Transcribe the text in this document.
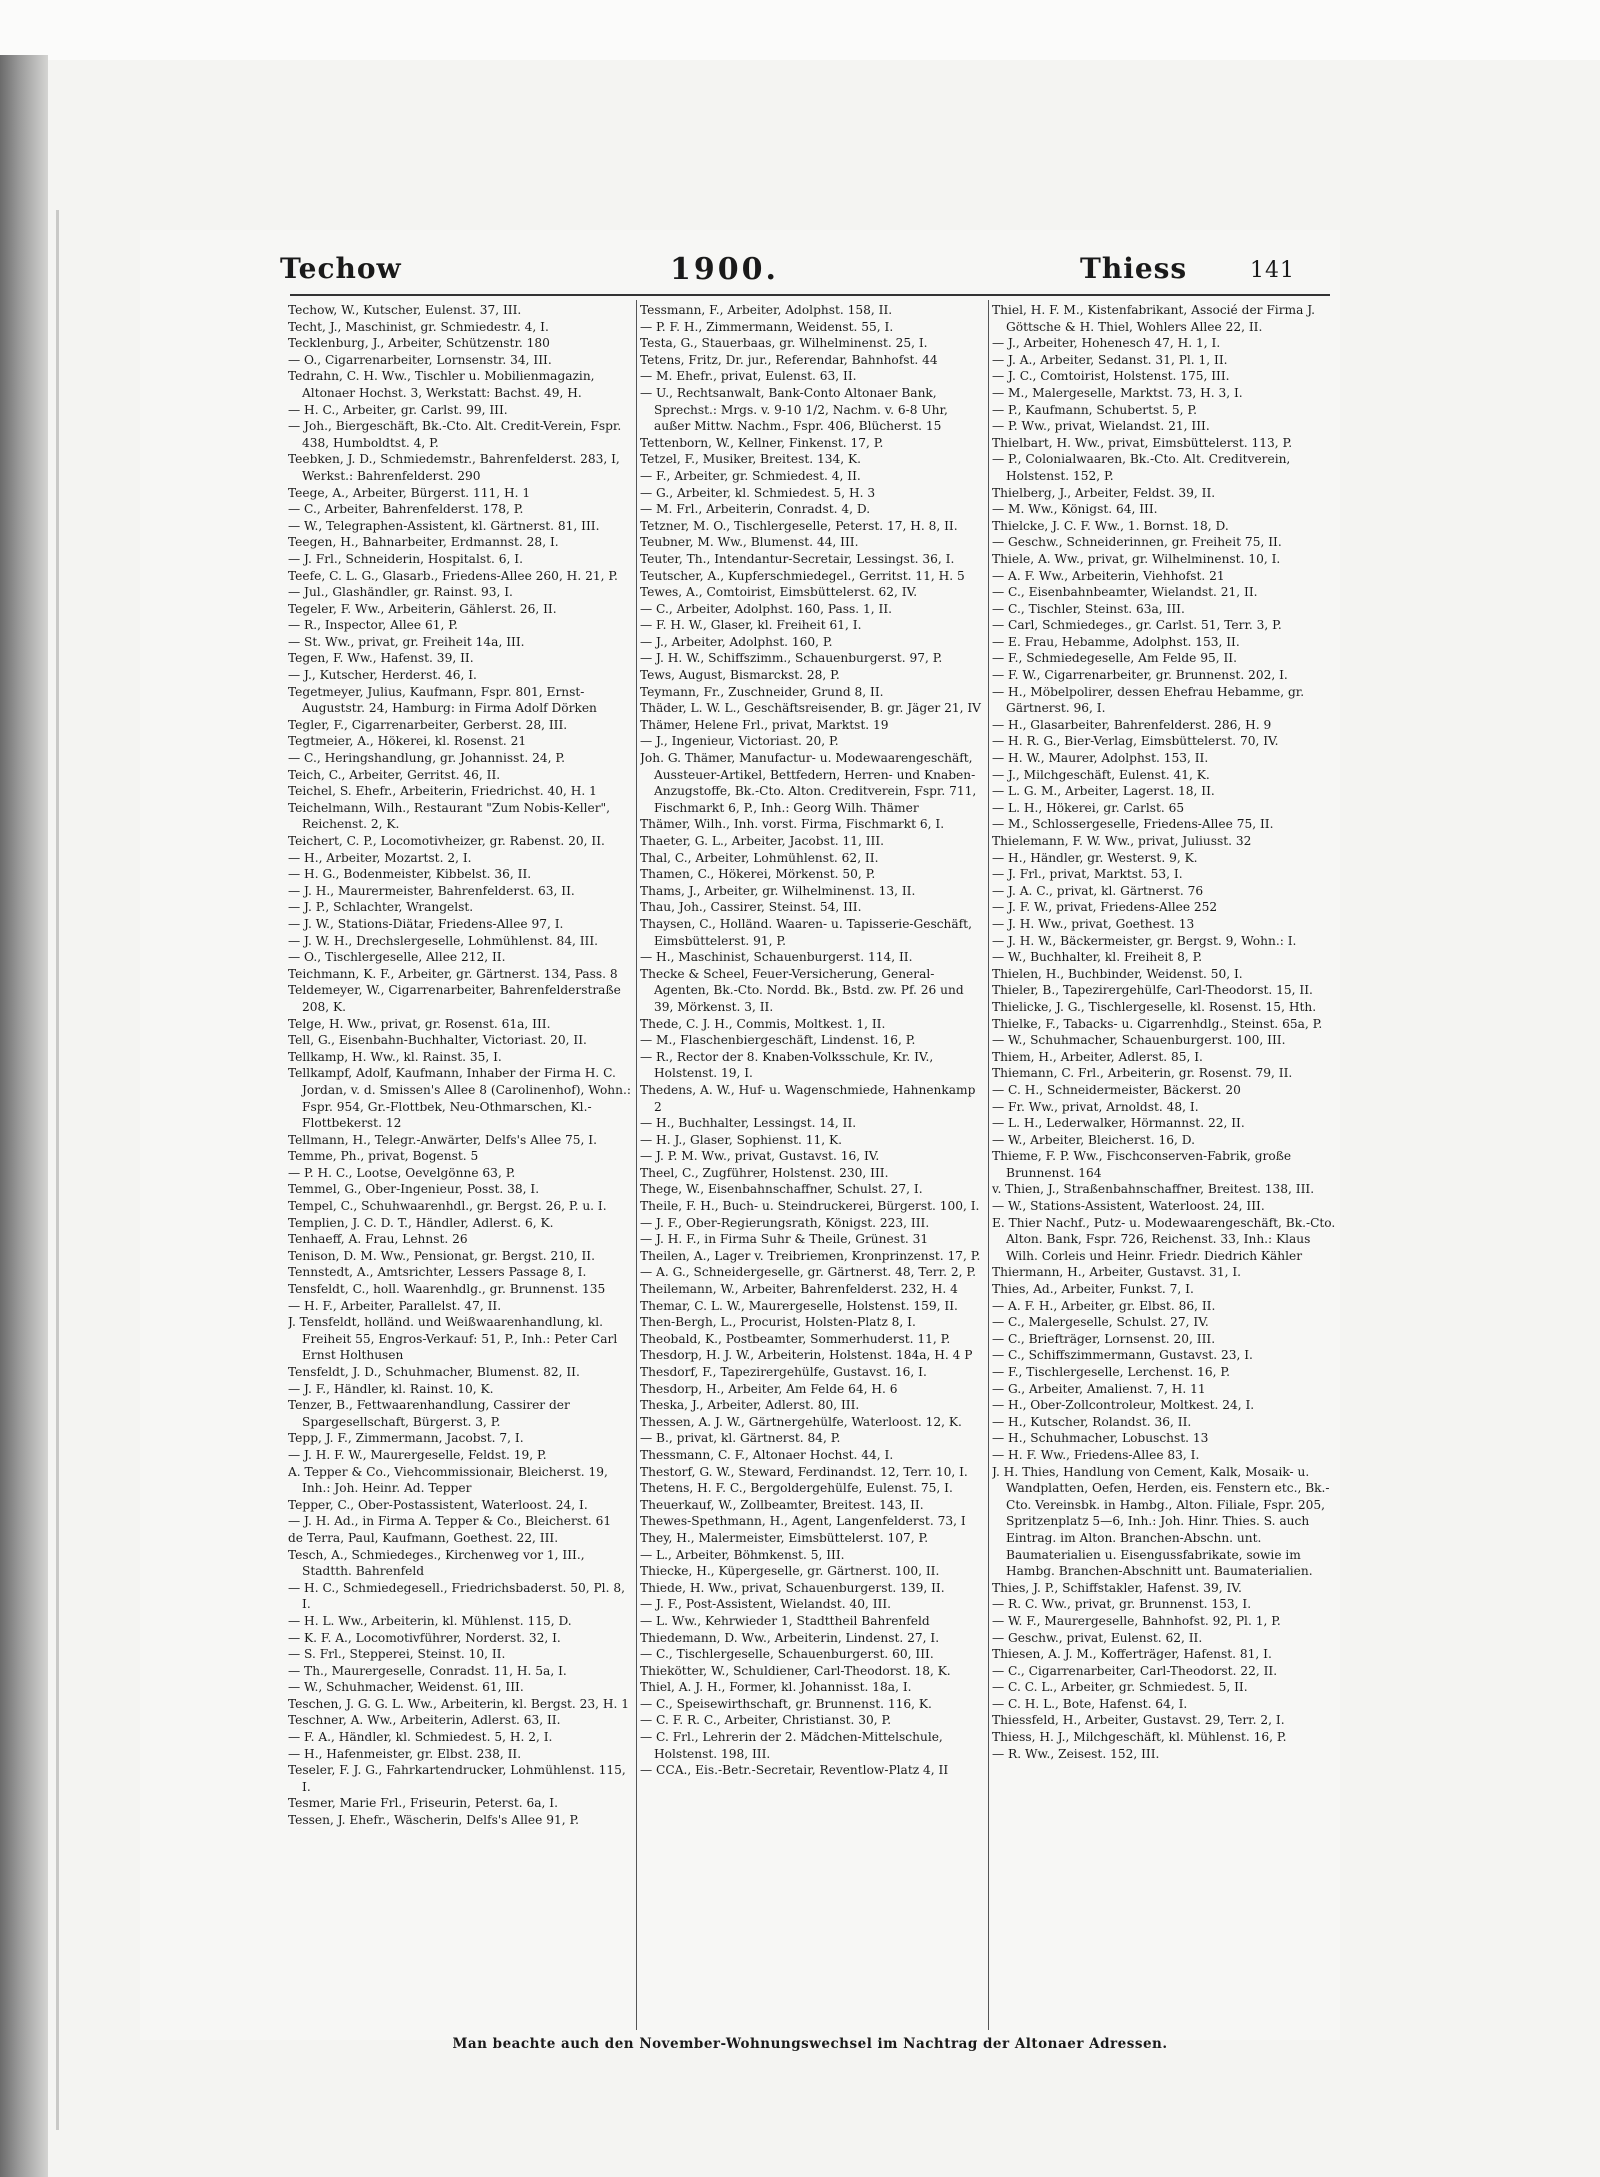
Techow	1900.	Thiess	141

Techow, W., Kutscher, Eulenst. 37, III.

Techt, J., Maschinist, gr. Schmiedestr. 4, I.

Tecklenburg, J., Arbeiter, Schützenstr. 180

— O., Cigarrenarbeiter, Lornsenstr. 34, III.

Tedrahn, C. H. Ww., Tischler u. Mobilienmagazin, Altonaer Hochst. 3, Werkstatt: Bachst. 49, H.

— H. C., Arbeiter, gr. Carlst. 99, III.

— Joh., Biergeschäft, Bk.-Cto. Alt. Credit-Verein, Fspr. 438, Humboldtst. 4, P.

Teebken, J. D., Schmiedemstr., Bahrenfelderst. 283, I, Werkst.: Bahrenfelderst. 290

Teege, A., Arbeiter, Bürgerst. 111, H. 1

— C., Arbeiter, Bahrenfelderst. 178, P.

— W., Telegraphen-Assistent, kl. Gärtnerst. 81, III.

Teegen, H., Bahnarbeiter, Erdmannst. 28, I.

— J. Frl., Schneiderin, Hospitalst. 6, I.

Teefe, C. L. G., Glasarb., Friedens-Allee 260, H. 21, P.

— Jul., Glashändler, gr. Rainst. 93, I.

Tegeler, F. Ww., Arbeiterin, Gählerst. 26, II.

— R., Inspector, Allee 61, P.

— St. Ww., privat, gr. Freiheit 14a, III.

Tegen, F. Ww., Hafenst. 39, II.

— J., Kutscher, Herderst. 46, I.

Tegetmeyer, Julius, Kaufmann, Fspr. 801, Ernst-Auguststr. 24, Hamburg: in Firma Adolf Dörken

Tegler, F., Cigarrenarbeiter, Gerberst. 28, III.

Tegtmeier, A., Hökerei, kl. Rosenst. 21

— C., Heringshandlung, gr. Johannisst. 24, P.

Teich, C., Arbeiter, Gerritst. 46, II.

Teichel, S. Ehefr., Arbeiterin, Friedrichst. 40, H. 1

Teichelmann, Wilh., Restaurant "Zum Nobis-Keller", Reichenst. 2, K.

Teichert, C. P., Locomotivheizer, gr. Rabenst. 20, II.

— H., Arbeiter, Mozartst. 2, I.

— H. G., Bodenmeister, Kibbelst. 36, II.

— J. H., Maurermeister, Bahrenfelderst. 63, II.

— J. P., Schlachter, Wrangelst.

— J. W., Stations-Diätar, Friedens-Allee 97, I.

— J. W. H., Drechslergeselle, Lohmühlenst. 84, III.

— O., Tischlergeselle, Allee 212, II.

Teichmann, K. F., Arbeiter, gr. Gärtnerst. 134, Pass. 8

Teldemeyer, W., Cigarrenarbeiter, Bahrenfelderstraße 208, K.

Telge, H. Ww., privat, gr. Rosenst. 61a, III.

Tell, G., Eisenbahn-Buchhalter, Victoriast. 20, II.

Tellkamp, H. Ww., kl. Rainst. 35, I.

Tellkampf, Adolf, Kaufmann, Inhaber der Firma H. C. Jordan, v. d. Smissen's Allee 8 (Carolinenhof), Wohn.: Fspr. 954, Gr.-Flottbek, Neu-Othmarschen, Kl.-Flottbekerst. 12

Tellmann, H., Telegr.-Anwärter, Delfs's Allee 75, I.

Temme, Ph., privat, Bogenst. 5

— P. H. C., Lootse, Oevelgönne 63, P.

Temmel, G., Ober-Ingenieur, Posst. 38, I.

Tempel, C., Schuhwaarenhdl., gr. Bergst. 26, P. u. I.

Templien, J. C. D. T., Händler, Adlerst. 6, K.

Tenhaeff, A. Frau, Lehnst. 26

Tenison, D. M. Ww., Pensionat, gr. Bergst. 210, II.

Tennstedt, A., Amtsrichter, Lessers Passage 8, I.

Tensfeldt, C., holl. Waarenhdlg., gr. Brunnenst. 135

— H. F., Arbeiter, Parallelst. 47, II.

J. Tensfeldt, holländ. und Weißwaarenhandlung, kl. Freiheit 55, Engros-Verkauf: 51, P., Inh.: Peter Carl Ernst Holthusen

Tensfeldt, J. D., Schuhmacher, Blumenst. 82, II.

— J. F., Händler, kl. Rainst. 10, K.

Tenzer, B., Fettwaarenhandlung, Cassirer der Spargesellschaft, Bürgerst. 3, P.

Tepp, J. F., Zimmermann, Jacobst. 7, I.

— J. H. F. W., Maurergeselle, Feldst. 19, P.

A. Tepper & Co., Viehcommissionair, Bleicherst. 19, Inh.: Joh. Heinr. Ad. Tepper

Tepper, C., Ober-Postassistent, Waterloost. 24, I.

— J. H. Ad., in Firma A. Tepper & Co., Bleicherst. 61

de Terra, Paul, Kaufmann, Goethest. 22, III.

Tesch, A., Schmiedeges., Kirchenweg vor 1, III., Stadtth. Bahrenfeld

— H. C., Schmiedegesell., Friedrichsbaderst. 50, Pl. 8, I.

— H. L. Ww., Arbeiterin, kl. Mühlenst. 115, D.

— K. F. A., Locomotivführer, Norderst. 32, I.

— S. Frl., Stepperei, Steinst. 10, II.

— Th., Maurergeselle, Conradst. 11, H. 5a, I.

— W., Schuhmacher, Weidenst. 61, III.

Teschen, J. G. G. L. Ww., Arbeiterin, kl. Bergst. 23, H. 1

Teschner, A. Ww., Arbeiterin, Adlerst. 63, II.

— F. A., Händler, kl. Schmiedest. 5, H. 2, I.

— H., Hafenmeister, gr. Elbst. 238, II.

Teseler, F. J. G., Fahrkartendrucker, Lohmühlenst. 115, I.

Tesmer, Marie Frl., Friseurin, Peterst. 6a, I.

Tessen, J. Ehefr., Wäscherin, Delfs's Allee 91, P.

Tessmann, F., Arbeiter, Adolphst. 158, II.

— P. F. H., Zimmermann, Weidenst. 55, I.

Testa, G., Stauerbaas, gr. Wilhelminenst. 25, I.

Tetens, Fritz, Dr. jur., Referendar, Bahnhofst. 44

— M. Ehefr., privat, Eulenst. 63, II.

— U., Rechtsanwalt, Bank-Conto Altonaer Bank, Sprechst.: Mrgs. v. 9-10 1/2, Nachm. v. 6-8 Uhr, außer Mittw. Nachm., Fspr. 406, Blücherst. 15

Tettenborn, W., Kellner, Finkenst. 17, P.

Tetzel, F., Musiker, Breitest. 134, K.

— F., Arbeiter, gr. Schmiedest. 4, II.

— G., Arbeiter, kl. Schmiedest. 5, H. 3

— M. Frl., Arbeiterin, Conradst. 4, D.

Tetzner, M. O., Tischlergeselle, Peterst. 17, H. 8, II.

Teubner, M. Ww., Blumenst. 44, III.

Teuter, Th., Intendantur-Secretair, Lessingst. 36, I.

Teutscher, A., Kupferschmiedegel., Gerritst. 11, H. 5

Tewes, A., Comtoirist, Eimsbüttelerst. 62, IV.

— C., Arbeiter, Adolphst. 160, Pass. 1, II.

— F. H. W., Glaser, kl. Freiheit 61, I.

— J., Arbeiter, Adolphst. 160, P.

— J. H. W., Schiffszimm., Schauenburgerst. 97, P.

Tews, August, Bismarckst. 28, P.

Teymann, Fr., Zuschneider, Grund 8, II.

Thäder, L. W. L., Geschäftsreisender, B. gr. Jäger 21, IV

Thämer, Helene Frl., privat, Marktst. 19

— J., Ingenieur, Victoriast. 20, P.

Joh. G. Thämer, Manufactur- u. Modewaarengeschäft, Aussteuer-Artikel, Bettfedern, Herren- und Knaben-Anzugstoffe, Bk.-Cto. Alton. Creditverein, Fspr. 711, Fischmarkt 6, P., Inh.: Georg Wilh. Thämer

Thämer, Wilh., Inh. vorst. Firma, Fischmarkt 6, I.

Thaeter, G. L., Arbeiter, Jacobst. 11, III.

Thal, C., Arbeiter, Lohmühlenst. 62, II.

Thamen, C., Hökerei, Mörkenst. 50, P.

Thams, J., Arbeiter, gr. Wilhelminenst. 13, II.

Thau, Joh., Cassirer, Steinst. 54, III.

Thaysen, C., Holländ. Waaren- u. Tapisserie-Geschäft, Eimsbüttelerst. 91, P.

— H., Maschinist, Schauenburgerst. 114, II.

Thecke & Scheel, Feuer-Versicherung, General-Agenten, Bk.-Cto. Nordd. Bk., Bstd. zw. Pf. 26 und 39, Mörkenst. 3, II.

Thede, C. J. H., Commis, Moltkest. 1, II.

— M., Flaschenbiergeschäft, Lindenst. 16, P.

— R., Rector der 8. Knaben-Volksschule, Kr. IV., Holstenst. 19, I.

Thedens, A. W., Huf- u. Wagenschmiede, Hahnenkamp 2

— H., Buchhalter, Lessingst. 14, II.

— H. J., Glaser, Sophienst. 11, K.

— J. P. M. Ww., privat, Gustavst. 16, IV.

Theel, C., Zugführer, Holstenst. 230, III.

Thege, W., Eisenbahnschaffner, Schulst. 27, I.

Theile, F. H., Buch- u. Steindruckerei, Bürgerst. 100, I.

— J. F., Ober-Regierungsrath, Königst. 223, III.

— J. H. F., in Firma Suhr & Theile, Grünest. 31

Theilen, A., Lager v. Treibriemen, Kronprinzenst. 17, P.

— A. G., Schneidergeselle, gr. Gärtnerst. 48, Terr. 2, P.

Theilemann, W., Arbeiter, Bahrenfelderst. 232, H. 4

Themar, C. L. W., Maurergeselle, Holstenst. 159, II.

Then-Bergh, L., Procurist, Holsten-Platz 8, I.

Theobald, K., Postbeamter, Sommerhuderst. 11, P.

Thesdorp, H. J. W., Arbeiterin, Holstenst. 184a, H. 4 P

Thesdorf, F., Tapezirergehülfe, Gustavst. 16, I.

Thesdorp, H., Arbeiter, Am Felde 64, H. 6

Theska, J., Arbeiter, Adlerst. 80, III.

Thessen, A. J. W., Gärtnergehülfe, Waterloost. 12, K.

— B., privat, kl. Gärtnerst. 84, P.

Thessmann, C. F., Altonaer Hochst. 44, I.

Thestorf, G. W., Steward, Ferdinandst. 12, Terr. 10, I.

Thetens, H. F. C., Bergoldergehülfe, Eulenst. 75, I.

Theuerkauf, W., Zollbeamter, Breitest. 143, II.

Thewes-Spethmann, H., Agent, Langenfelderst. 73, I

They, H., Malermeister, Eimsbüttelerst. 107, P.

— L., Arbeiter, Böhmkenst. 5, III.

Thiecke, H., Küpergeselle, gr. Gärtnerst. 100, II.

Thiede, H. Ww., privat, Schauenburgerst. 139, II.

— J. F., Post-Assistent, Wielandst. 40, III.

— L. Ww., Kehrwieder 1, Stadttheil Bahrenfeld

Thiedemann, D. Ww., Arbeiterin, Lindenst. 27, I.

— C., Tischlergeselle, Schauenburgerst. 60, III.

Thiekötter, W., Schuldiener, Carl-Theodorst. 18, K.

Thiel, A. J. H., Former, kl. Johannisst. 18a, I.

— C., Speisewirthschaft, gr. Brunnenst. 116, K.

— C. F. R. C., Arbeiter, Christianst. 30, P.

— C. Frl., Lehrerin der 2. Mädchen-Mittelschule, Holstenst. 198, III.

— CCA., Eis.-Betr.-Secretair, Reventlow-Platz 4, II

Thiel, H. F. M., Kistenfabrikant, Associé der Firma J. Göttsche & H. Thiel, Wohlers Allee 22, II.

— J., Arbeiter, Hohenesch 47, H. 1, I.

— J. A., Arbeiter, Sedanst. 31, Pl. 1, II.

— J. C., Comtoirist, Holstenst. 175, III.

— M., Malergeselle, Marktst. 73, H. 3, I.

— P., Kaufmann, Schubertst. 5, P.

— P. Ww., privat, Wielandst. 21, III.

Thielbart, H. Ww., privat, Eimsbüttelerst. 113, P.

— P., Colonialwaaren, Bk.-Cto. Alt. Creditverein, Holstenst. 152, P.

Thielberg, J., Arbeiter, Feldst. 39, II.

— M. Ww., Königst. 64, III.

Thielcke, J. C. F. Ww., 1. Bornst. 18, D.

— Geschw., Schneiderinnen, gr. Freiheit 75, II.

Thiele, A. Ww., privat, gr. Wilhelminenst. 10, I.

— A. F. Ww., Arbeiterin, Viehhofst. 21

— C., Eisenbahnbeamter, Wielandst. 21, II.

— C., Tischler, Steinst. 63a, III.

— Carl, Schmiedeges., gr. Carlst. 51, Terr. 3, P.

— E. Frau, Hebamme, Adolphst. 153, II.

— F., Schmiedegeselle, Am Felde 95, II.

— F. W., Cigarrenarbeiter, gr. Brunnenst. 202, I.

— H., Möbelpolirer, dessen Ehefrau Hebamme, gr. Gärtnerst. 96, I.

— H., Glasarbeiter, Bahrenfelderst. 286, H. 9

— H. R. G., Bier-Verlag, Eimsbüttelerst. 70, IV.

— H. W., Maurer, Adolphst. 153, II.

— J., Milchgeschäft, Eulenst. 41, K.

— L. G. M., Arbeiter, Lagerst. 18, II.

— L. H., Hökerei, gr. Carlst. 65

— M., Schlossergeselle, Friedens-Allee 75, II.

Thielemann, F. W. Ww., privat, Juliusst. 32

— H., Händler, gr. Westerst. 9, K.

— J. Frl., privat, Marktst. 53, I.

— J. A. C., privat, kl. Gärtnerst. 76

— J. F. W., privat, Friedens-Allee 252

— J. H. Ww., privat, Goethest. 13

— J. H. W., Bäckermeister, gr. Bergst. 9, Wohn.: I.

— W., Buchhalter, kl. Freiheit 8, P.

Thielen, H., Buchbinder, Weidenst. 50, I.

Thieler, B., Tapezirergehülfe, Carl-Theodorst. 15, II.

Thielicke, J. G., Tischlergeselle, kl. Rosenst. 15, Hth.

Thielke, F., Tabacks- u. Cigarrenhdlg., Steinst. 65a, P.

— W., Schuhmacher, Schauenburgerst. 100, III.

Thiem, H., Arbeiter, Adlerst. 85, I.

Thiemann, C. Frl., Arbeiterin, gr. Rosenst. 79, II.

— C. H., Schneidermeister, Bäckerst. 20

— Fr. Ww., privat, Arnoldst. 48, I.

— L. H., Lederwalker, Hörmannst. 22, II.

— W., Arbeiter, Bleicherst. 16, D.

Thieme, F. P. Ww., Fischconserven-Fabrik, große Brunnenst. 164

v. Thien, J., Straßenbahnschaffner, Breitest. 138, III.

— W., Stations-Assistent, Waterloost. 24, III.

E. Thier Nachf., Putz- u. Modewaarengeschäft, Bk.-Cto. Alton. Bank, Fspr. 726, Reichenst. 33, Inh.: Klaus Wilh. Corleis und Heinr. Friedr. Diedrich Kähler

Thiermann, H., Arbeiter, Gustavst. 31, I.

Thies, Ad., Arbeiter, Funkst. 7, I.

— A. F. H., Arbeiter, gr. Elbst. 86, II.

— C., Malergeselle, Schulst. 27, IV.

— C., Briefträger, Lornsenst. 20, III.

— C., Schiffszimmermann, Gustavst. 23, I.

— F., Tischlergeselle, Lerchenst. 16, P.

— G., Arbeiter, Amalienst. 7, H. 11

— H., Ober-Zollcontroleur, Moltkest. 24, I.

— H., Kutscher, Rolandst. 36, II.

— H., Schuhmacher, Lobuschst. 13

— H. F. Ww., Friedens-Allee 83, I.

J. H. Thies, Handlung von Cement, Kalk, Mosaik- u. Wandplatten, Oefen, Herden, eis. Fenstern etc., Bk.-Cto. Vereinsbk. in Hambg., Alton. Filiale, Fspr. 205, Spritzenplatz 5—6, Inh.: Joh. Hinr. Thies. S. auch Eintrag. im Alton. Branchen-Abschn. unt. Baumaterialien u. Eisengussfabrikate, sowie im Hambg. Branchen-Abschnitt unt. Baumaterialien.

Thies, J. P., Schiffstakler, Hafenst. 39, IV.

— R. C. Ww., privat, gr. Brunnenst. 153, I.

— W. F., Maurergeselle, Bahnhofst. 92, Pl. 1, P.

— Geschw., privat, Eulenst. 62, II.

Thiesen, A. J. M., Kofferträger, Hafenst. 81, I.

— C., Cigarrenarbeiter, Carl-Theodorst. 22, II.

— C. C. L., Arbeiter, gr. Schmiedest. 5, II.

— C. H. L., Bote, Hafenst. 64, I.

Thiessfeld, H., Arbeiter, Gustavst. 29, Terr. 2, I.

Thiess, H. J., Milchgeschäft, kl. Mühlenst. 16, P.

— R. Ww., Zeisest. 152, III.

Man beachte auch den November-Wohnungswechsel im Nachtrag der Altonaer Adressen.
